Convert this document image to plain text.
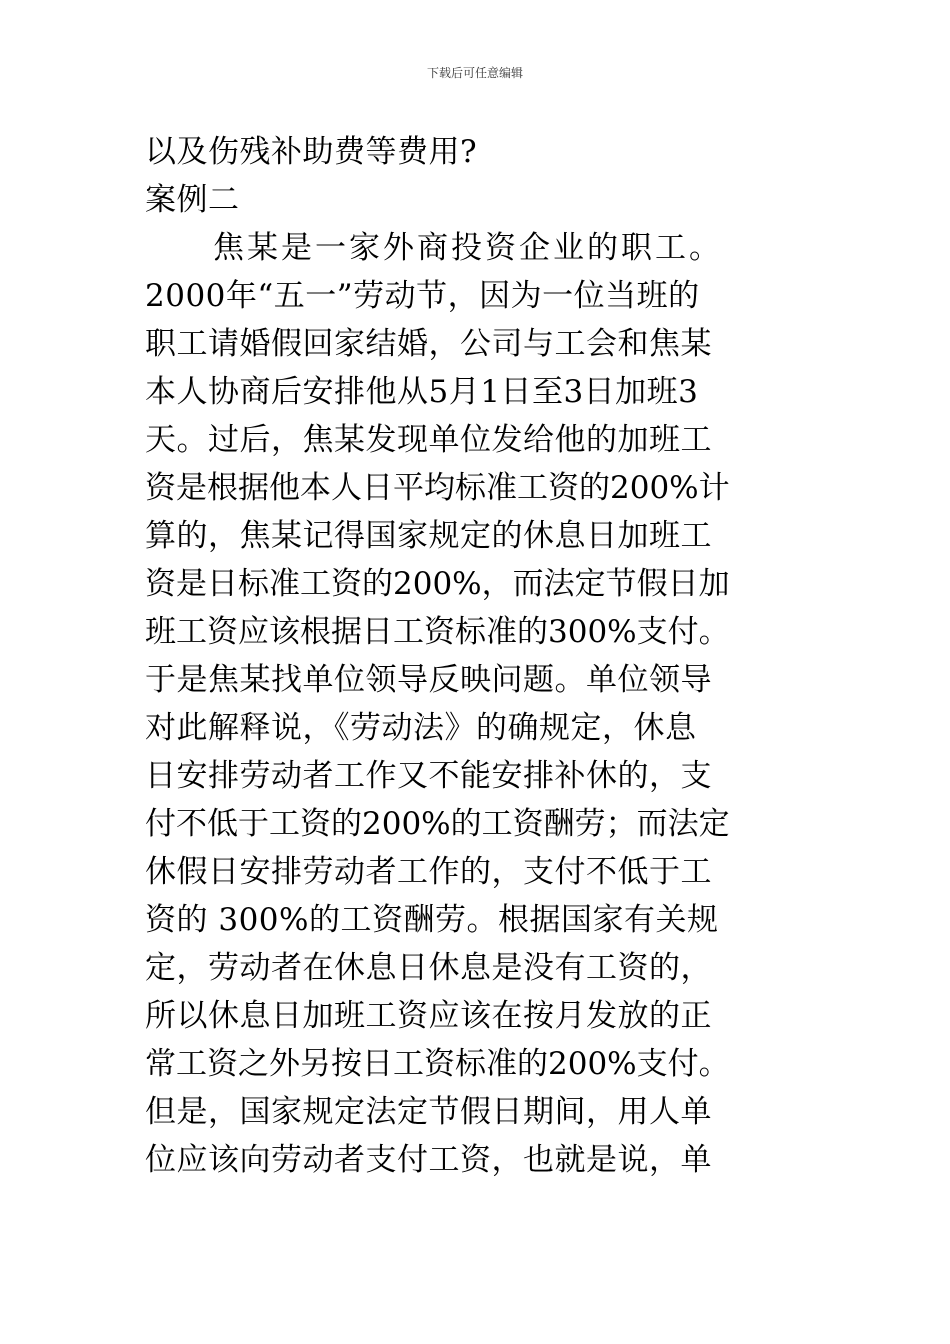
下载后可任意编辑
以及伤残补助费等费用?
案例二
　　焦某是一家外商投资企业的职工。
2000年“五一”劳动节，因为一位当班的
职工请婚假回家结婚，公司与工会和焦某
本人协商后安排他从5月1日至3日加班3
天。过后，焦某发现单位发给他的加班工
资是根据他本人日平均标准工资的200%计
算的，焦某记得国家规定的休息日加班工
资是日标准工资的200%，而法定节假日加
班工资应该根据日工资标准的300%支付。
于是焦某找单位领导反映问题。单位领导
对此解释说，《劳动法》的确规定，休息
日安排劳动者工作又不能安排补休的，支
付不低于工资的200%的工资酬劳；而法定
休假日安排劳动者工作的，支付不低于工
资的 300%的工资酬劳。根据国家有关规
定，劳动者在休息日休息是没有工资的，
所以休息日加班工资应该在按月发放的正
常工资之外另按日工资标准的200%支付。
但是，国家规定法定节假日期间，用人单
位应该向劳动者支付工资，也就是说，单
